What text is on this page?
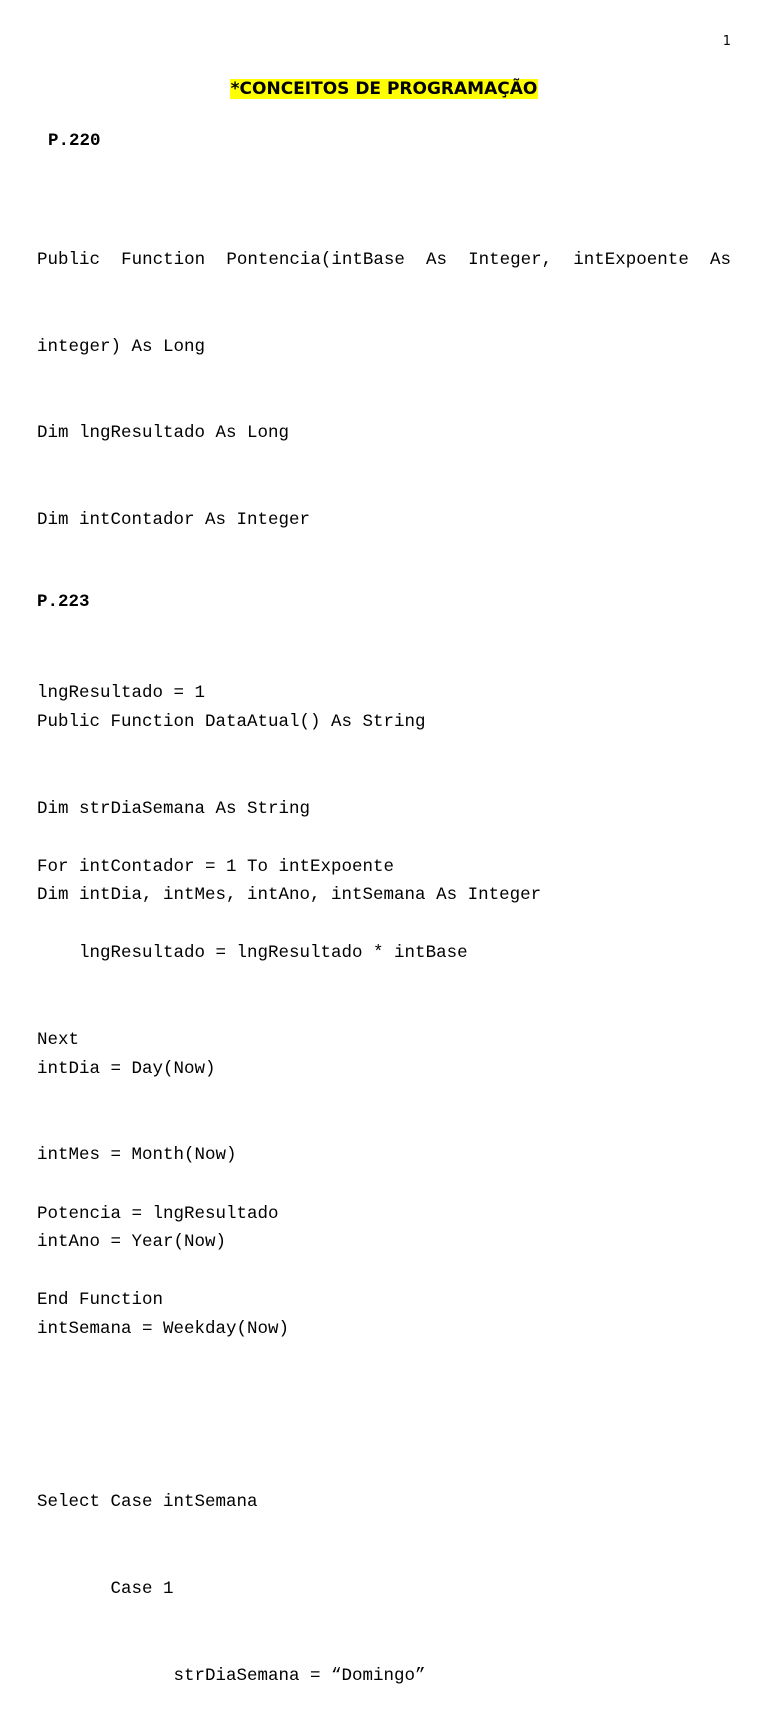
1
*CONCEITOS DE PROGRAMAÇÃO
P.220

Public Function Pontencia(intBase As Integer, intExpoente As

integer) As Long

Dim lngResultado As Long

Dim intContador As Integer

lngResultado = 1

For intContador = 1 To intExpoente

lngResultado = lngResultado * intBase

Next

Potencia = lngResultado

End Function

P.223

Public Function DataAtual() As String

Dim strDiaSemana As String

Dim intDia, intMes, intAno, intSemana As Integer

intDia = Day(Now)

intMes = Month(Now)

intAno = Year(Now)

intSemana = Weekday(Now)

Select Case intSemana

Case 1

strDiaSemana = “Domingo”
